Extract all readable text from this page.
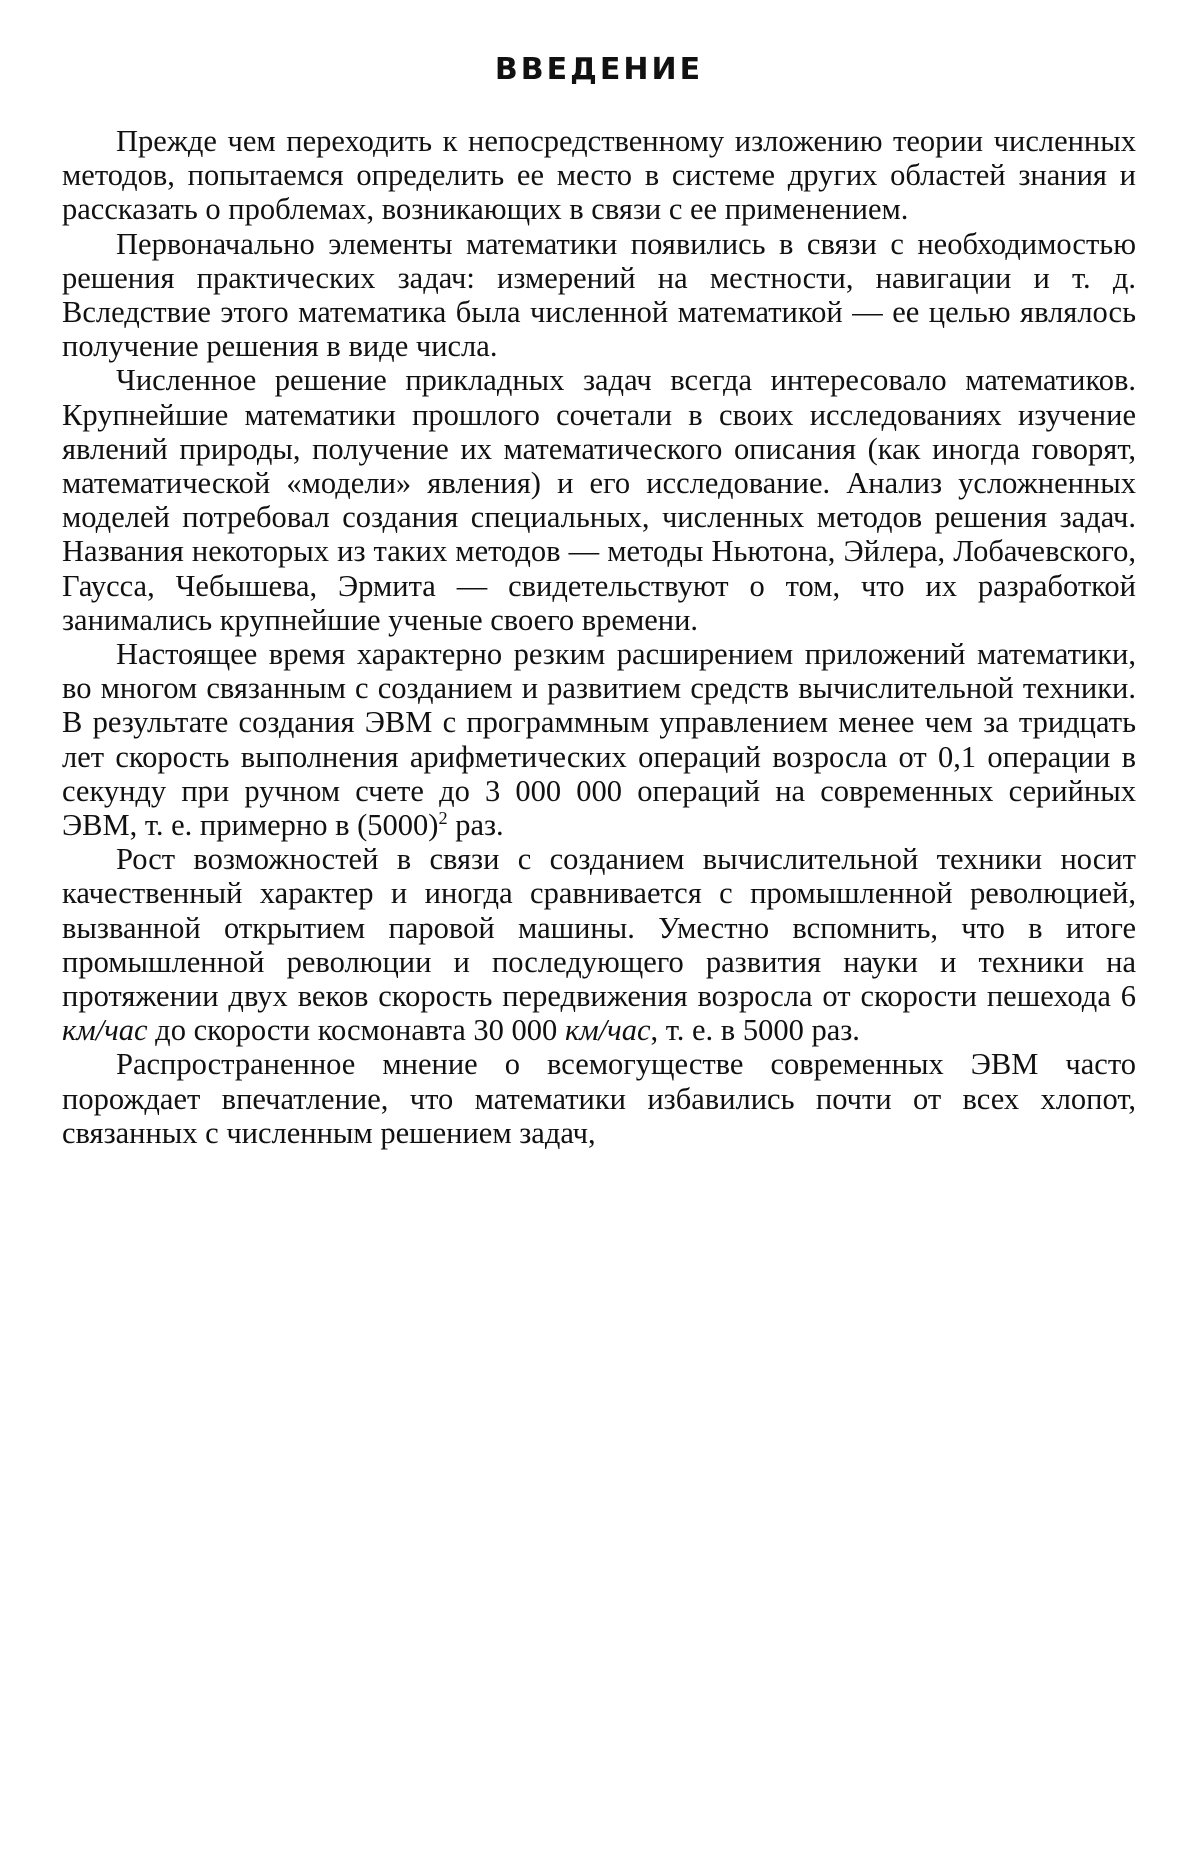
ВВЕДЕНИЕ

Прежде чем переходить к непосредственному изложению теории численных методов, попытаемся определить ее место в системе других областей знания и рассказать о проблемах, возникающих в связи с ее применением.

Первоначально элементы математики появились в связи с необходимостью решения практических задач: измерений на местности, навигации и т. д. Вследствие этого математика была численной математикой — ее целью являлось получение решения в виде числа.

Численное решение прикладных задач всегда интересовало математиков. Крупнейшие математики прошлого сочетали в своих исследованиях изучение явлений природы, получение их математического описания (как иногда говорят, математической «модели» явления) и его исследование. Анализ усложненных моделей потребовал создания специальных, численных методов решения задач. Названия некоторых из таких методов — методы Ньютона, Эйлера, Лобачевского, Гаусса, Чебышева, Эрмита — свидетельствуют о том, что их разработкой занимались крупнейшие ученые своего времени.

Настоящее время характерно резким расширением приложений математики, во многом связанным с созданием и развитием средств вычислительной техники. В результате создания ЭВМ с программным управлением менее чем за тридцать лет скорость выполнения арифметических операций возросла от 0,1 операции в секунду при ручном счете до 3 000 000 операций на современных серийных ЭВМ, т. е. примерно в $(5000)^2$ раз.

Рост возможностей в связи с созданием вычислительной техники носит качественный характер и иногда сравнивается с промышленной революцией, вызванной открытием паровой машины. Уместно вспомнить, что в итоге промышленной революции и последующего развития науки и техники на протяжении двух веков скорость передвижения возросла от скорости пешехода 6 км/час до скорости космонавта 30 000 км/час, т. е. в 5000 раз.

Распространенное мнение о всемогуществе современных ЭВМ часто порождает впечатление, что математики избавились почти от всех хлопот, связанных с численным решением задач,
